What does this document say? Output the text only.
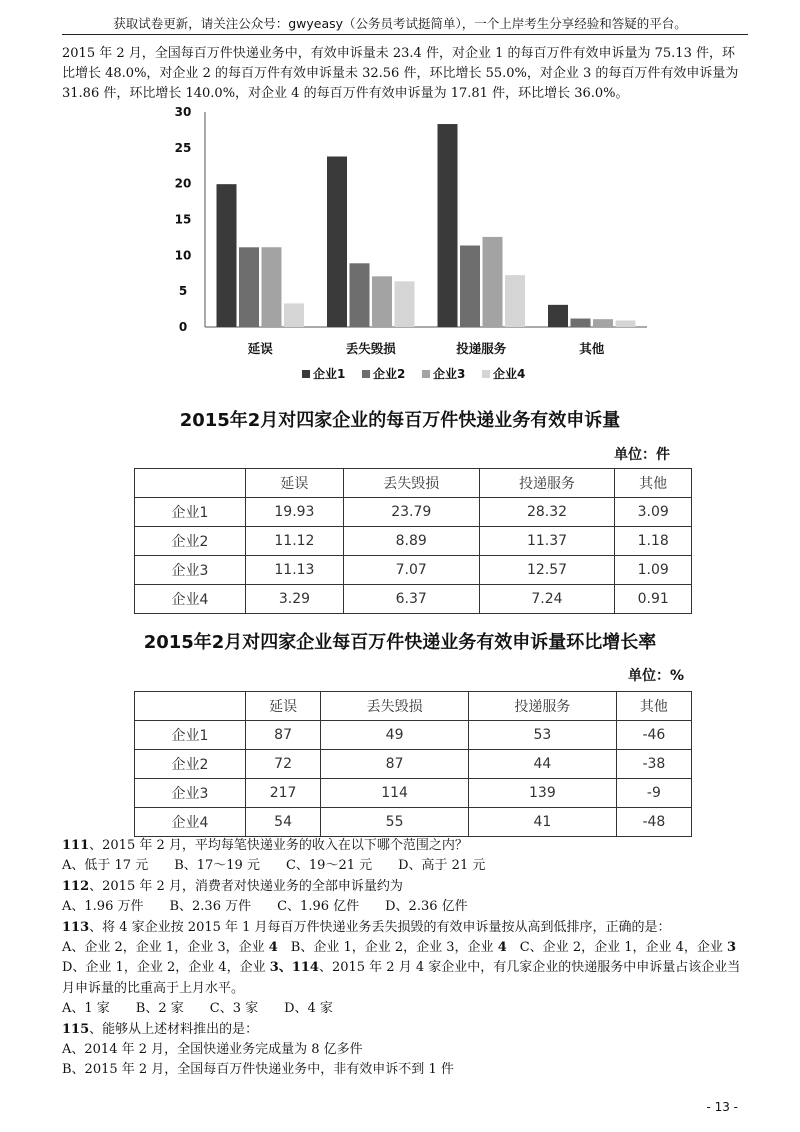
获取试卷更新，请关注公众号：gwyeasy（公务员考试挺简单），一个上岸考生分享经验和答疑的平台。
2015 年 2 月，全国每百万件快递业务中，有效申诉量未 23.4 件，对企业 1 的每百万件有效申诉量为 75.13 件，环比增长 48.0%，对企业 2 的每百万件有效申诉量未 32.56 件，环比增长 55.0%，对企业 3 的每百万件有效申诉量为 31.86 件，环比增长 140.0%，对企业 4 的每百万件有效申诉量为 17.81 件，环比增长 36.0%。
0
5
10
15
20
25
30
延误	丢失毁损	投递服务	其他
企业1 企业2 企业3 企业4
2015年2月对四家企业的每百万件快递业务有效申诉量
单位：件
	延误	丢失毁损	投递服务	其他
企业1	19.93	23.79	28.32	3.09
企业2	11.12	8.89	11.37	1.18
企业3	11.13	7.07	12.57	1.09
企业4	3.29	6.37	7.24	0.91
2015年2月对四家企业每百万件快递业务有效申诉量环比增长率
单位：%
	延误	丢失毁损	投递服务	其他
企业1	87	49	53	-46
企业2	72	87	44	-38
企业3	217	114	139	-9
企业4	54	55	41	-48

111、2015 年 2 月，平均每笔快递业务的收入在以下哪个范围之内？

A、低于 17 元　　B、17～19 元　　C、19～21 元　　D、高于 21 元

112、2015 年 2 月，消费者对快递业务的全部申诉量约为

A、1.96 万件　　B、2.36 万件　　C、1.96 亿件　　D、2.36 亿件

113、将 4 家企业按 2015 年 1 月每百万件快递业务丢失损毁的有效申诉量按从高到低排序，正确的是：

A、企业 2，企业 1，企业 3，企业 4　B、企业 1，企业 2，企业 3，企业 4　C、企业 2，企业 1，企业 4，企业 3　D、企业 1，企业 2，企业 4，企业 3、114、2015 年 2 月 4 家企业中，有几家企业的快递服务中申诉量占该企业当月申诉量的比重高于上月水平。

A、1 家　　B、2 家　　C、3 家　　D、4 家

115、能够从上述材料推出的是：

A、2014 年 2 月，全国快递业务完成量为 8 亿多件

B、2015 年 2 月，全国每百万件快递业务中，非有效申诉不到 1 件

- 13 -
